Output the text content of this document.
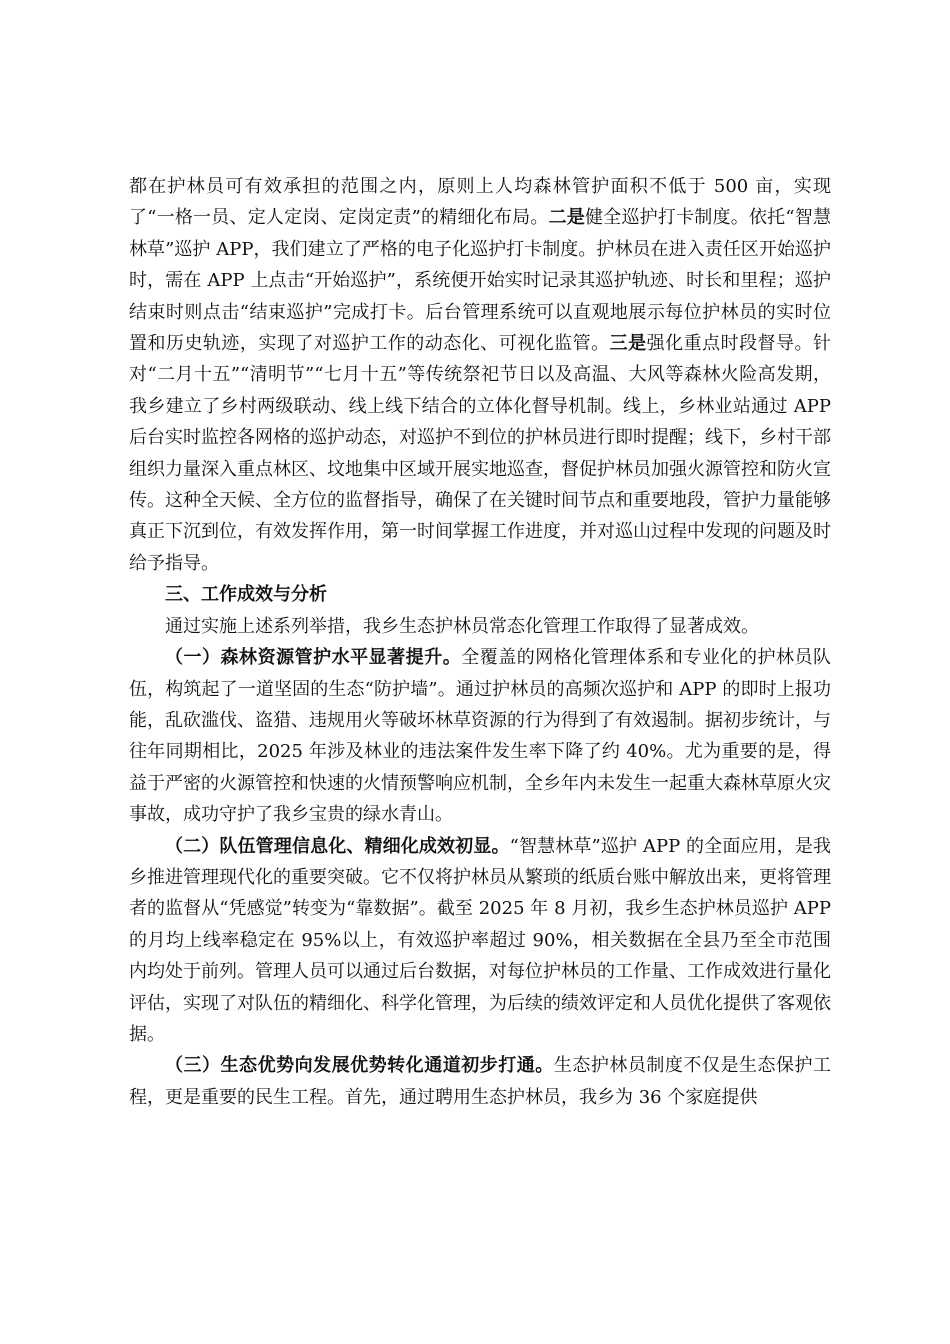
都在护林员可有效承担的范围之内，原则上人均森林管护面积不低于 500 亩，实现了“一格一员、定人定岗、定岗定责”的精细化布局。二是健全巡护打卡制度。依托“智慧林草”巡护 APP，我们建立了严格的电子化巡护打卡制度。护林员在进入责任区开始巡护时，需在 APP 上点击“开始巡护”，系统便开始实时记录其巡护轨迹、时长和里程；巡护结束时则点击“结束巡护”完成打卡。后台管理系统可以直观地展示每位护林员的实时位置和历史轨迹，实现了对巡护工作的动态化、可视化监管。三是强化重点时段督导。针对“二月十五”“清明节”“七月十五”等传统祭祀节日以及高温、大风等森林火险高发期，我乡建立了乡村两级联动、线上线下结合的立体化督导机制。线上，乡林业站通过 APP 后台实时监控各网格的巡护动态，对巡护不到位的护林员进行即时提醒；线下，乡村干部组织力量深入重点林区、坟地集中区域开展实地巡查，督促护林员加强火源管控和防火宣传。这种全天候、全方位的监督指导，确保了在关键时间节点和重要地段，管护力量能够真正下沉到位，有效发挥作用，第一时间掌握工作进度，并对巡山过程中发现的问题及时给予指导。

三、工作成效与分析

通过实施上述系列举措，我乡生态护林员常态化管理工作取得了显著成效。

（一）森林资源管护水平显著提升。全覆盖的网格化管理体系和专业化的护林员队伍，构筑起了一道坚固的生态“防护墙”。通过护林员的高频次巡护和 APP 的即时上报功能，乱砍滥伐、盗猎、违规用火等破坏林草资源的行为得到了有效遏制。据初步统计，与往年同期相比，2025 年涉及林业的违法案件发生率下降了约 40%。尤为重要的是，得益于严密的火源管控和快速的火情预警响应机制，全乡年内未发生一起重大森林草原火灾事故，成功守护了我乡宝贵的绿水青山。

（二）队伍管理信息化、精细化成效初显。“智慧林草”巡护 APP 的全面应用，是我乡推进管理现代化的重要突破。它不仅将护林员从繁琐的纸质台账中解放出来，更将管理者的监督从“凭感觉”转变为“靠数据”。截至 2025 年 8 月初，我乡生态护林员巡护 APP 的月均上线率稳定在 95%以上，有效巡护率超过 90%，相关数据在全县乃至全市范围内均处于前列。管理人员可以通过后台数据，对每位护林员的工作量、工作成效进行量化评估，实现了对队伍的精细化、科学化管理，为后续的绩效评定和人员优化提供了客观依据。

（三）生态优势向发展优势转化通道初步打通。生态护林员制度不仅是生态保护工程，更是重要的民生工程。首先，通过聘用生态护林员，我乡为 36 个家庭提供
